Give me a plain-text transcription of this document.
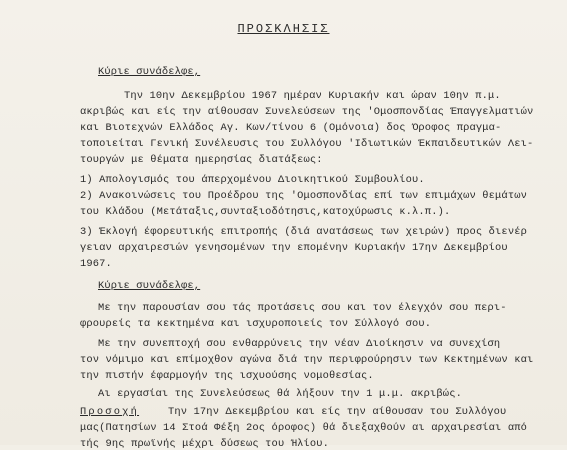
ΠΡΟΣΚΛΗΣΙΣ
Κύριε συνάδελφε,
Την 10ην Δεκεμβρίου 1967 ημέραν Κυριακήν και ώραν 10ην π.μ.
ακριβώς και είς την αίθουσαν Συνελεύσεων της 'Ομοσπονδίας Έπαγγελματιών
και Βιοτεχνών Ελλάδος Αγ. Κων/τίνου 6 (Ομόνοια) δος Όροφος πραγμα-
τοποιείται Γενική Συνέλευσις του Συλλόγου 'Ιδιωτικών Έκπαιδευτικών Λει-
τουργών με θέματα ημερησίας διατάξεως:
1) Απολογισμός του άπερχομένου Διοικητικού Συμβουλίου.
2) Ανακοινώσεις του Προέδρου της 'Ομοσπονδίας επί των επιμάχων θεμάτων
του Κλάδου (Μετάταξις,συνταξιοδότησις,κατοχύρωσις κ.λ.π.).
3) Έκλογή έφορευτικής επιτροπής (διά ανατάσεως των χειρών) προς διενέρ
γειαν αρχαιρεσιών γενησομένων την επομένην Κυριακήν 17ην Δεκεμβρίου
1967.
Κύριε συνάδελφε,
Με την παρουσίαν σου τάς προτάσεις σου και τον έλεγχόν σου περι-
φρουρείς τα κεκτημένα και ισχυροποιείς τον Σύλλογό σου.
Με την συνεπτοχή σου ενθαρρύνεις την νέαν Διοίκησιν να συνεχίση
τον νόμιμο και επίμοχθον αγώνα διά την περιφρούρησιν των Κεκτημένων και
την πιστήν έφαρμογήν της ισχυούσης νομοθεσίας.
Αι εργασίαι της Συνελεύσεως θά λήξουν την 1 μ.μ. ακριβώς.
Προσοχή	Την 17ην Δεκεμβρίου και είς την αίθουσαν του Συλλόγου
μας(Πατησίων 14 Στοά Φέξη 2ος όροφος) θά διεξαχθούν αι αρχαιρεσίαι από
τής 9ης πρωϊνής μέχρι δύσεως του Ήλίου.
